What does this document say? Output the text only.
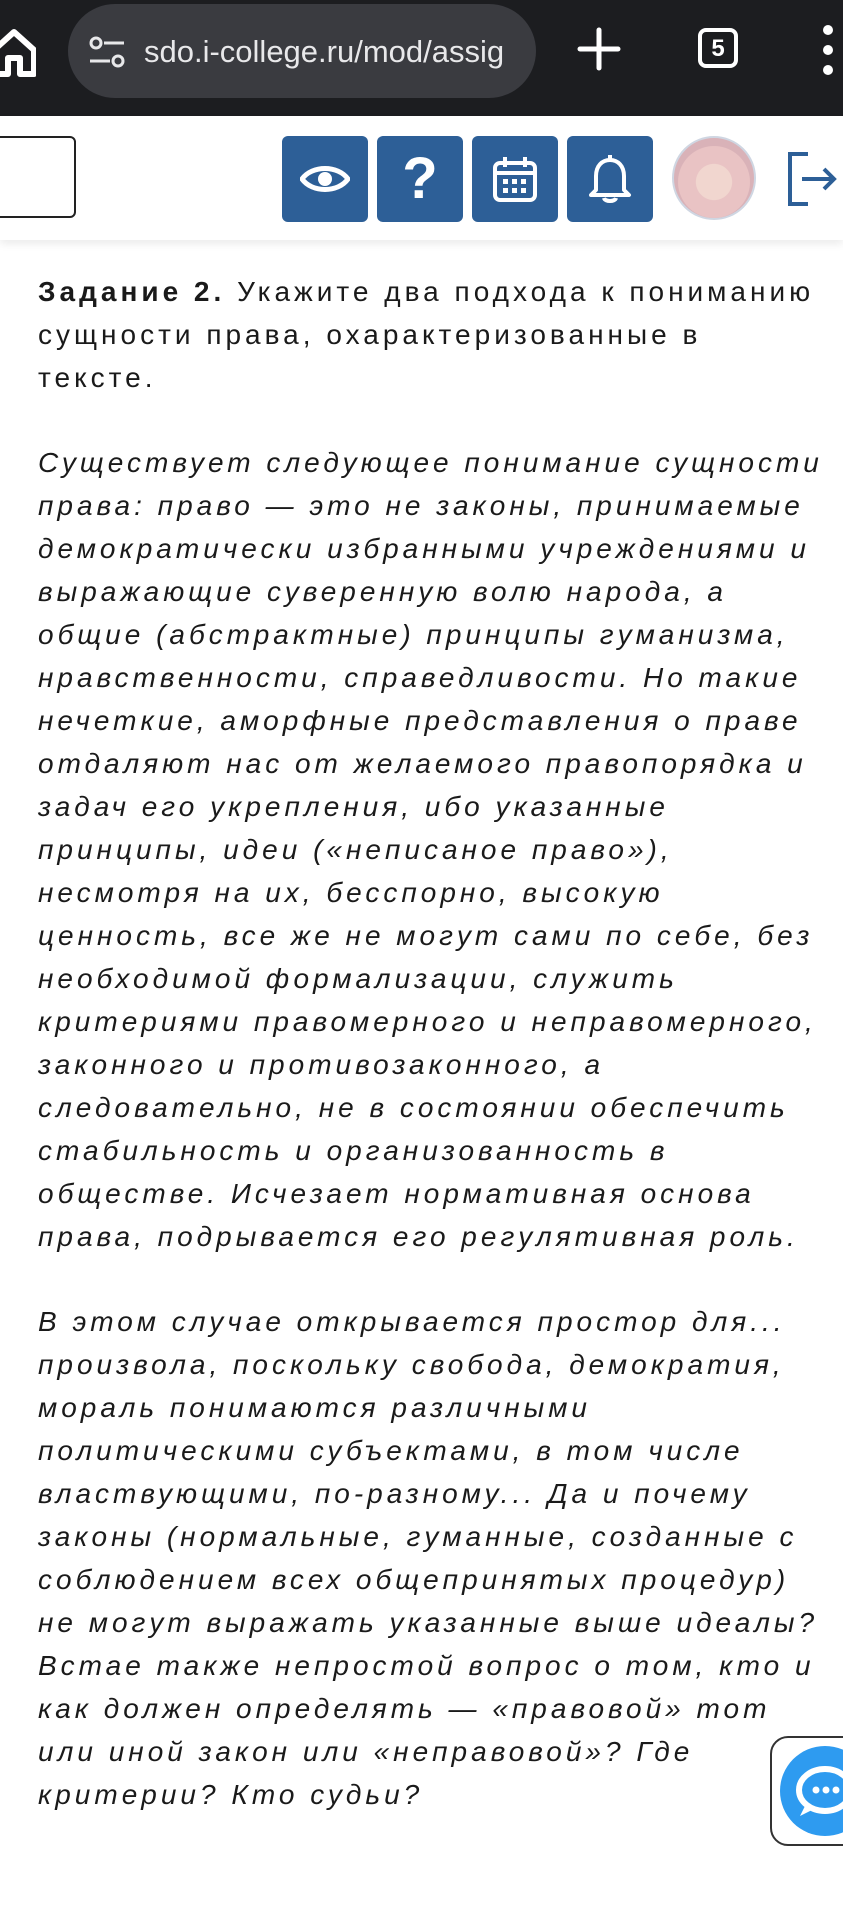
sdo.i-college.ru/mod/assig	5
?

Задание 2. Укажите два подхода к пониманию сущности права, охарактеризованные в тексте.

Существует следующее понимание сущности права: право — это не законы, принимаемые демократически избранными учреждениями и выражающие суверенную волю народа, а общие (абстрактные) принципы гуманизма, нравственности, справедливости. Но такие нечеткие, аморфные представления о праве отдаляют нас от желаемого правопорядка и задач его укрепления, ибо указанные принципы, идеи («неписаное право»), несмотря на их, бесспорно, высокую ценность, все же не могут сами по себе, без необходимой формализации, служить критериями правомерного и неправомерного, законного и противозаконного, а следовательно, не в состоянии обеспечить стабильность и организованность в обществе. Исчезает нормативная основа права, подрывается его регулятивная роль.

В этом случае открывается простор для... произвола, поскольку свобода, демократия, мораль понимаются различными политическими субъектами, в том числе властвующими, по-разному... Да и почему законы (нормальные, гуманные, созданные с соблюдением всех общепринятых процедур) не могут выражать указанные выше идеалы? Встае также непростой вопрос о том, кто и как должен определять — «правовой» тот или иной закон или «неправовой»? Где критерии? Кто судьи?
